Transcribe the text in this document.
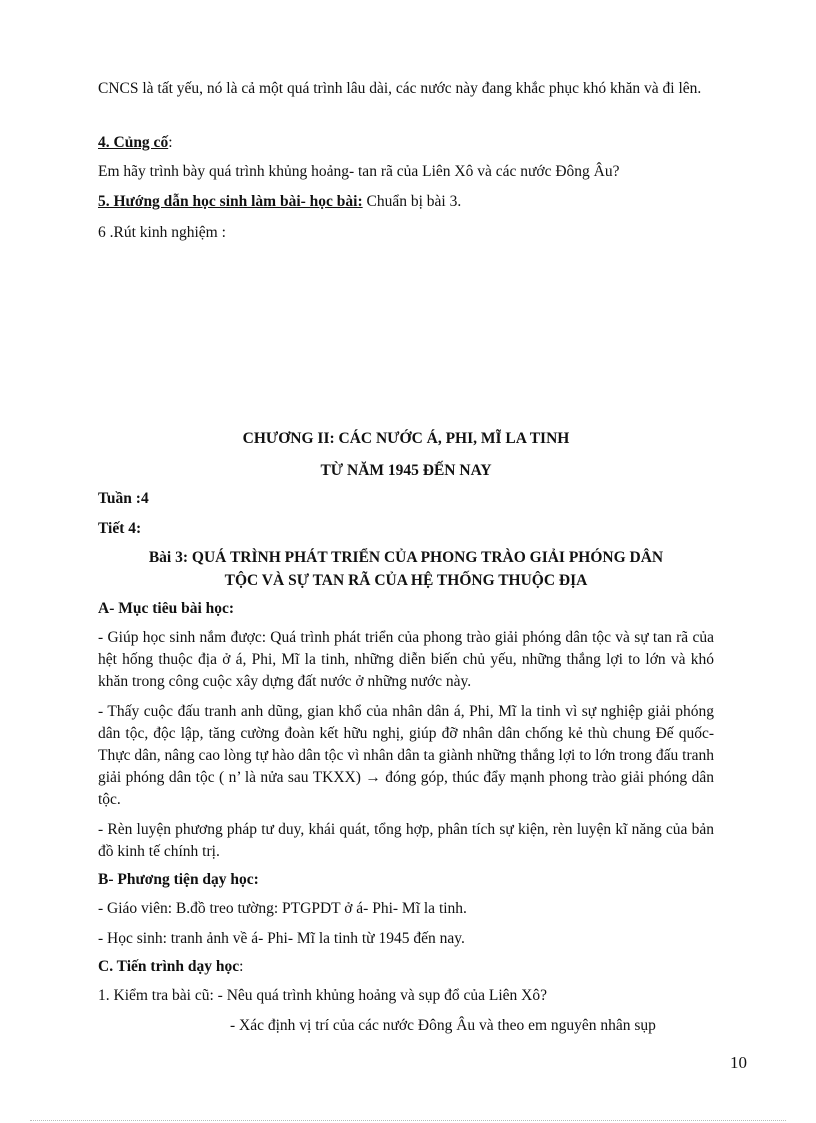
CNCS là tất yếu, nó là cả một quá trình lâu dài, các nước này đang khắc phục khó khăn và đi lên.

4. Củng cố:

Em hãy trình bày quá trình khủng hoảng- tan rã của Liên Xô và các nước Đông Âu?

5. Hướng dẫn học sinh làm bài- học bài: Chuẩn bị bài 3.

6 .Rút kinh nghiệm :

CHƯƠNG II: CÁC NƯỚC Á, PHI, MĨ LA TINH

TỪ NĂM 1945 ĐẾN NAY

Tuần :4

Tiết 4:

Bài 3: QUÁ TRÌNH PHÁT TRIỂN CỦA PHONG TRÀO GIẢI PHÓNG DÂN

TỘC VÀ SỰ TAN RÃ CỦA HỆ THỐNG THUỘC ĐỊA

A- Mục tiêu bài học:

- Giúp học sinh nắm được: Quá trình phát triển của phong trào giải phóng dân tộc và sự tan rã của hệt hống thuộc địa ở á, Phi, Mĩ la tinh, những diễn biến chủ yếu, những thắng lợi to lớn và khó khăn trong công cuộc xây dựng đất nước ở những nước này.

- Thấy cuộc đấu tranh anh dũng, gian khổ của nhân dân á, Phi, Mĩ la tinh vì sự nghiệp giải phóng dân tộc, độc lập, tăng cường đoàn kết hữu nghị, giúp đỡ nhân dân chống kẻ thù chung Đế quốc- Thực dân, nâng cao lòng tự hào dân tộc vì nhân dân ta giành những thắng lợi to lớn trong đấu tranh giải phóng dân tộc ( n’ là nửa sau TKXX) → đóng góp, thúc đẩy mạnh phong trào giải phóng dân tộc.

- Rèn luyện phương pháp tư duy, khái quát, tổng hợp, phân tích sự kiện, rèn luyện kĩ năng của bản đồ kinh tế chính trị.

B- Phương tiện dạy học:

- Giáo viên: B.đồ treo tường: PTGPDT ở á- Phi- Mĩ la tinh.

- Học sinh: tranh ảnh về á- Phi- Mĩ la tinh từ 1945 đến nay.

C. Tiến trình dạy học:

1. Kiểm tra bài cũ: - Nêu quá trình khủng hoảng và sụp đổ của Liên Xô?

- Xác định vị trí của các nước Đông Âu và theo em nguyên nhân sụp

10
